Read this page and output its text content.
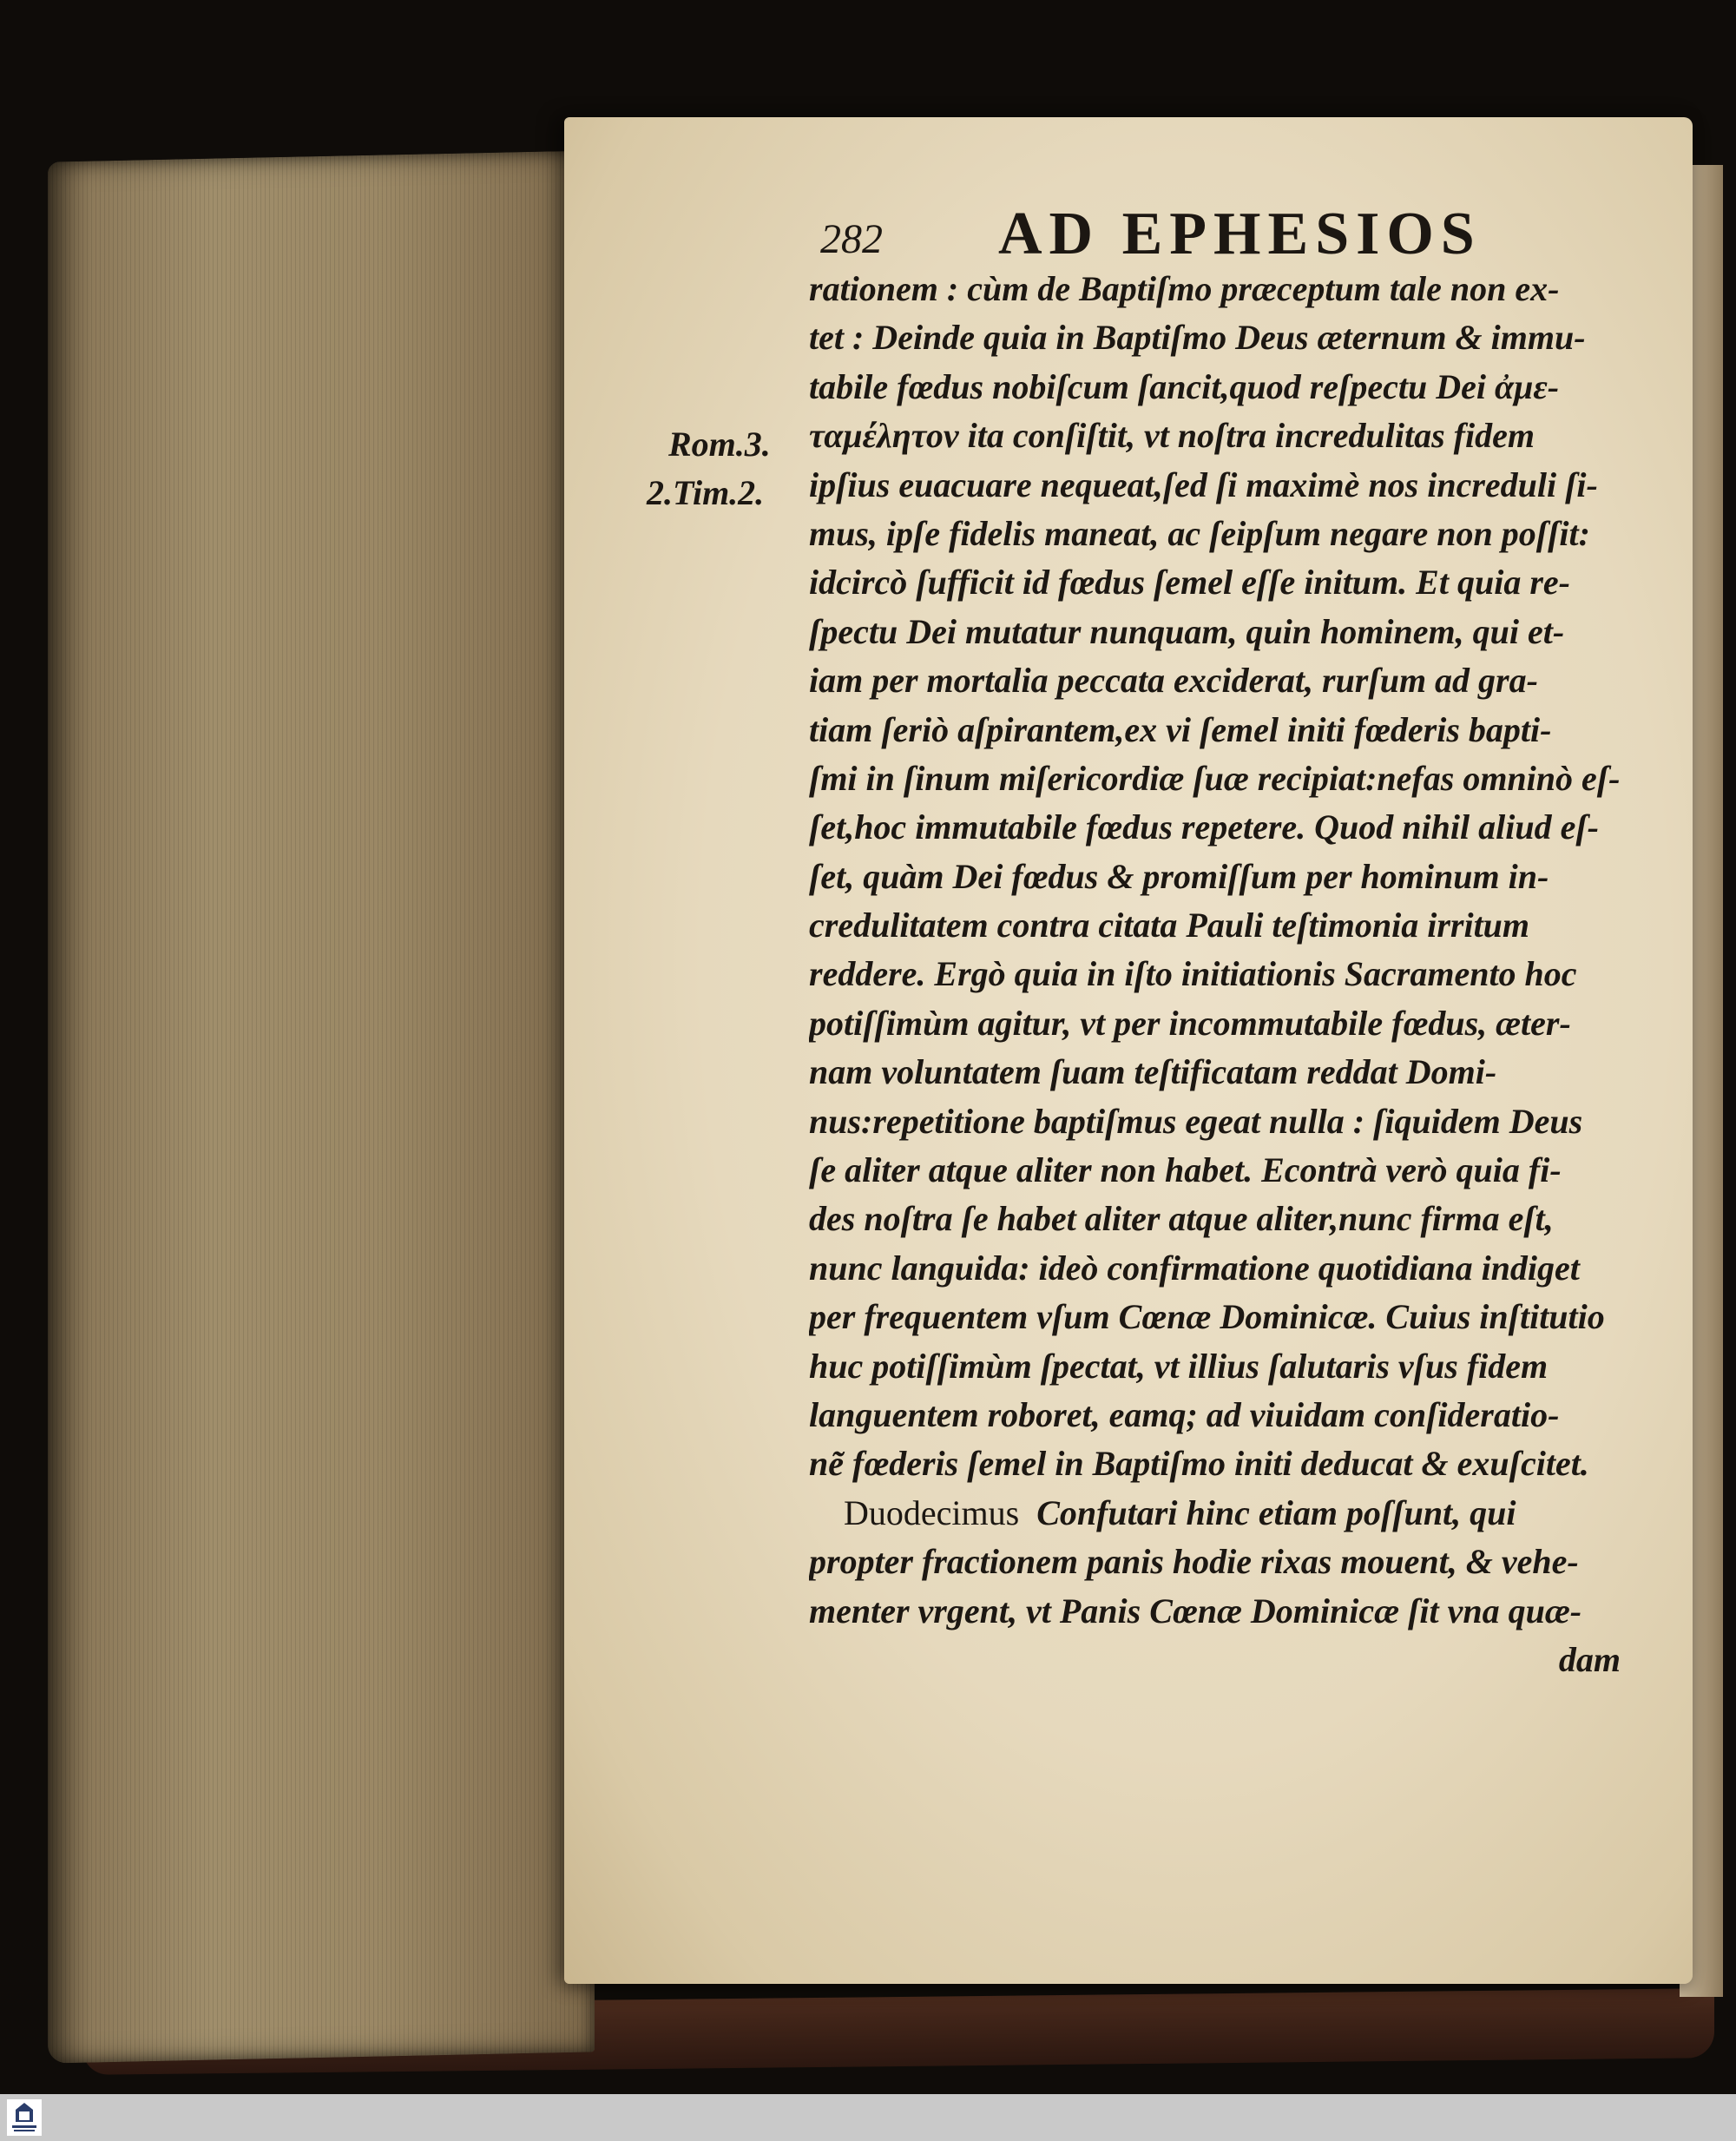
282 AD EPHESIOS
Rom.3.
2.Tim.2.
rationem : cùm de Baptiſmo præceptum tale non ex-
tet : Deinde quia in Baptiſmo Deus æternum & immu-
tabile fœdus nobiſcum ſancit,quod reſpectu Dei ἀμε-
ταμέλητον ita conſiſtit, vt noſtra incredulitas fidem
ipſius euacuare nequeat,ſed ſi maximè nos increduli ſi-
mus, ipſe fidelis maneat, ac ſeipſum negare non poſſit:
idcircò ſufficit id fœdus ſemel eſſe initum. Et quia re-
ſpectu Dei mutatur nunquam, quin hominem, qui et-
iam per mortalia peccata exciderat, rurſum ad gra-
tiam ſeriò aſpirantem,ex vi ſemel initi fœderis bapti-
ſmi in ſinum miſericordiæ ſuæ recipiat:nefas omninò eſ-
ſet,hoc immutabile fœdus repetere. Quod nihil aliud eſ-
ſet, quàm Dei fœdus & promiſſum per hominum in-
credulitatem contra citata Pauli teſtimonia irritum
reddere. Ergò quia in iſto initiationis Sacramento hoc
potiſſimùm agitur, vt per incommutabile fœdus, æter-
nam voluntatem ſuam teſtificatam reddat Domi-
nus:repetitione baptiſmus egeat nulla : ſiquidem Deus
ſe aliter atque aliter non habet. Econtrà verò quia fi-
des noſtra ſe habet aliter atque aliter,nunc firma eſt,
nunc languida: ideò confirmatione quotidiana indiget
per frequentem vſum Cœnæ Dominicæ. Cuius inſtitutio
huc potiſſimùm ſpectat, vt illius ſalutaris vſus fidem
languentem roboret, eamq; ad viuidam conſideratio-
nẽ fœderis ſemel in Baptiſmo initi deducat & exuſcitet.
Duodecimus Confutari hinc etiam poſſunt, qui
propter fractionem panis hodie rixas mouent, & vehe-
menter vrgent, vt Panis Cœnæ Dominicæ ſit vna quæ-
dam
